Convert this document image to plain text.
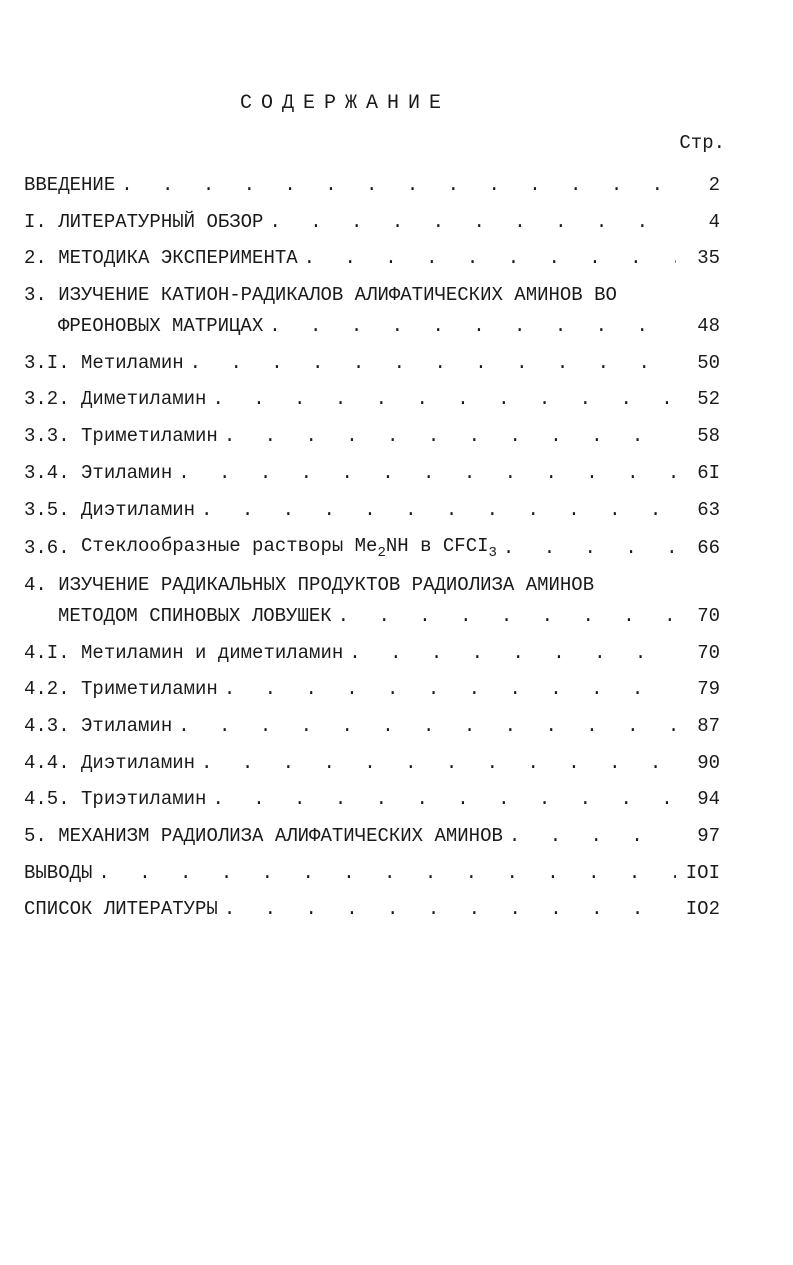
СОДЕРЖАНИЕ
Стр.
ВВЕДЕНИЕ . . .	2
I. ЛИТЕРАТУРНЫЙ ОБЗОР . . .	4
2. МЕТОДИКА ЭКСПЕРИМЕНТА . . .	35
3. ИЗУЧЕНИЕ КАТИОН-РАДИКАЛОВ АЛИФАТИЧЕСКИХ АМИНОВ ВО
ФРЕОНОВЫХ МАТРИЦАХ . . .	48
3.I. Метиламин . . .	50
3.2. Диметиламин . . .	52
3.3. Триметиламин . . .	58
3.4. Этиламин . . .	6I
3.5. Диэтиламин . . .	63
3.6. Стеклообразные растворы $Me_2NH$ в $CFCI_3$ . . .	66
4. ИЗУЧЕНИЕ РАДИКАЛЬНЫХ ПРОДУКТОВ РАДИОЛИЗА АМИНОВ
МЕТОДОМ СПИНОВЫХ ЛОВУШЕК . . .	70
4.I. Метиламин и диметиламин . . .	70
4.2. Триметиламин . . .	79
4.3. Этиламин . . .	87
4.4. Диэтиламин . . .	90
4.5. Триэтиламин . . .	94
5. МЕХАНИЗМ РАДИОЛИЗА АЛИФАТИЧЕСКИХ АМИНОВ . . .	97
ВЫВОДЫ . . .	IOI
СПИСОК ЛИТЕРАТУРЫ . . .	IO2
